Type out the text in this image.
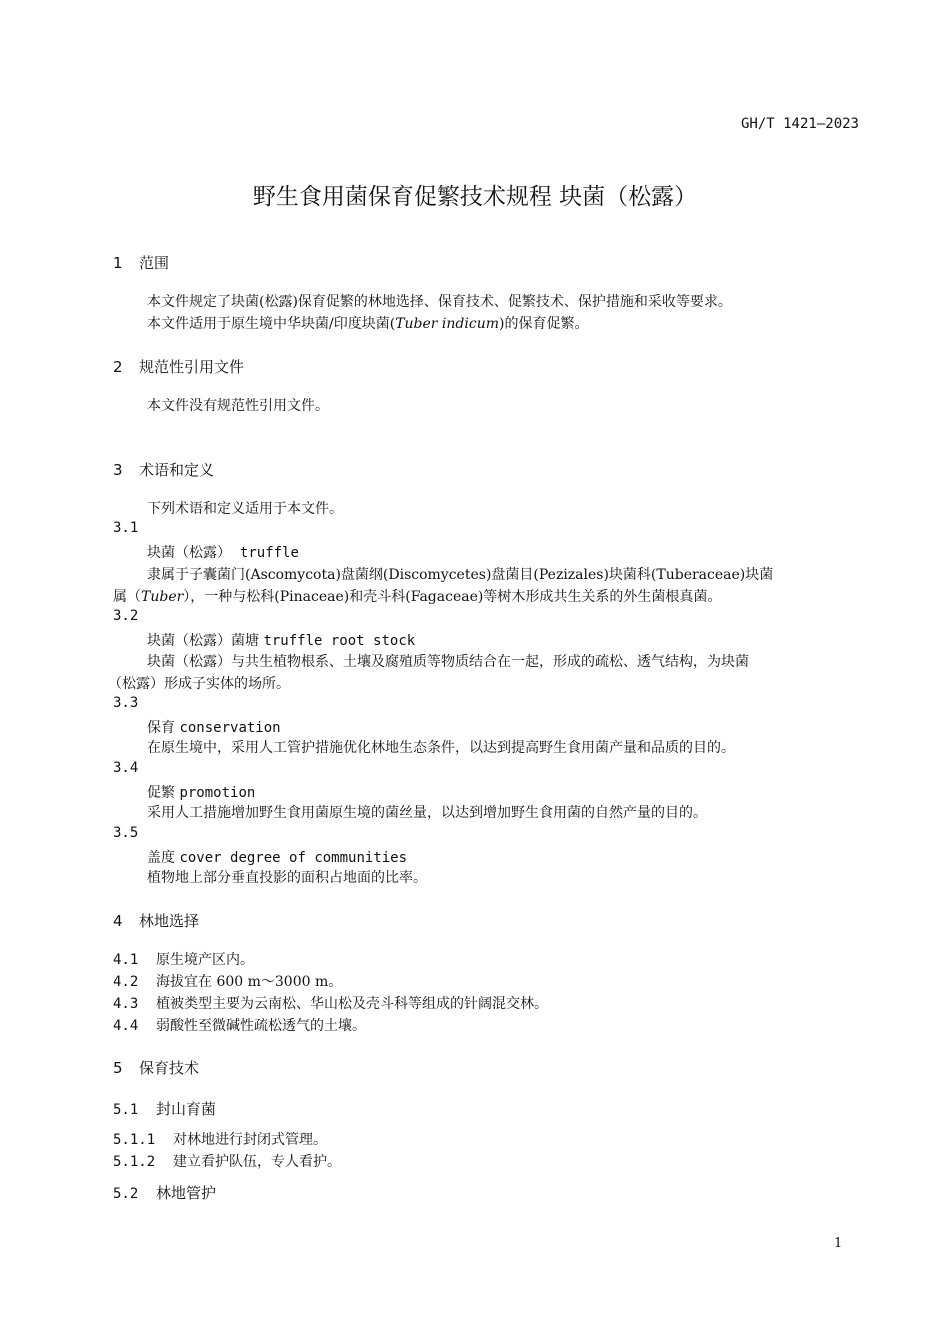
GH/T 1421—2023
野生食用菌保育促繁技术规程 块菌（松露）
1 范围
本文件规定了块菌(松露)保育促繁的林地选择、保育技术、促繁技术、保护措施和采收等要求。
本文件适用于原生境中华块菌/印度块菌(Tuber indicum)的保育促繁。
2 规范性引用文件
本文件没有规范性引用文件。
3 术语和定义
下列术语和定义适用于本文件。
3.1
块菌（松露） truffle
隶属于子囊菌门(Ascomycota)盘菌纲(Discomycetes)盘菌目(Pezizales)块菌科(Tuberaceae)块菌
属（Tuber），一种与松科(Pinaceae)和壳斗科(Fagaceae)等树木形成共生关系的外生菌根真菌。
3.2
块菌（松露）菌塘 truffle root stock
块菌（松露）与共生植物根系、土壤及腐殖质等物质结合在一起，形成的疏松、透气结构，为块菌
（松露）形成子实体的场所。
3.3
保育 conservation
在原生境中，采用人工管护措施优化林地生态条件，以达到提高野生食用菌产量和品质的目的。
3.4
促繁 promotion
采用人工措施增加野生食用菌原生境的菌丝量，以达到增加野生食用菌的自然产量的目的。
3.5
盖度 cover degree of communities
植物地上部分垂直投影的面积占地面的比率。
4 林地选择
4.1 原生境产区内。
4.2 海拔宜在 600 m～3000 m。
4.3 植被类型主要为云南松、华山松及壳斗科等组成的针阔混交林。
4.4 弱酸性至微碱性疏松透气的土壤。
5 保育技术
5.1 封山育菌
5.1.1 对林地进行封闭式管理。
5.1.2 建立看护队伍，专人看护。
5.2 林地管护
1
